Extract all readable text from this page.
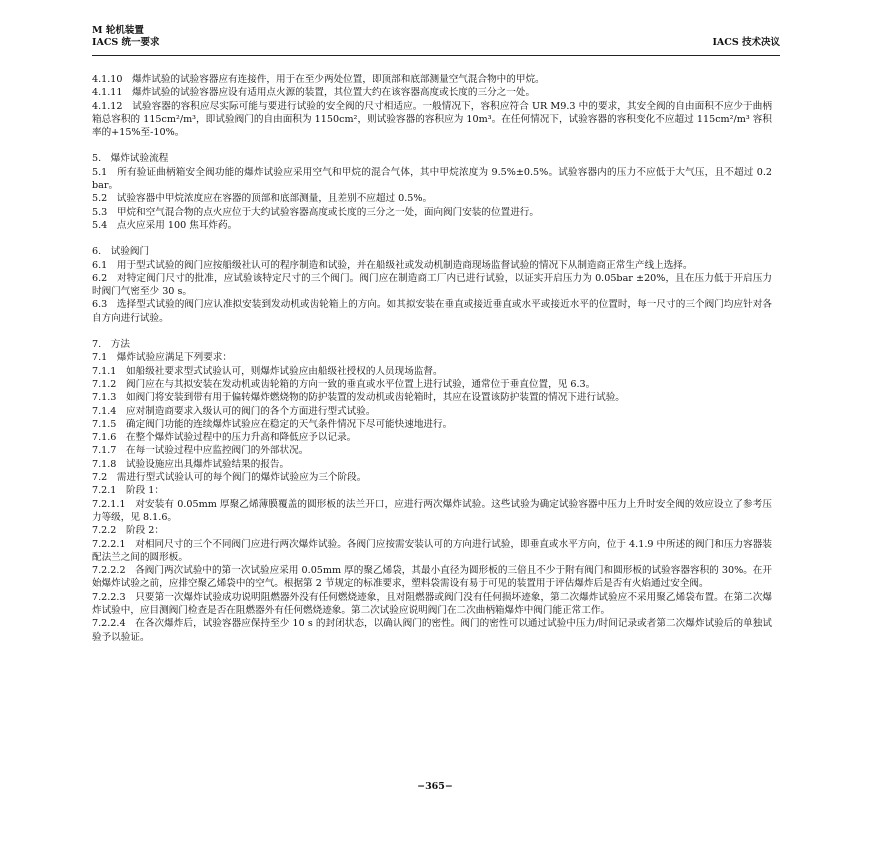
M 轮机装置
IACS 统一要求	IACS 技术决议

4.1.10　爆炸试验的试验容器应有连接件，用于在至少两处位置，即顶部和底部测量空气混合物中的甲烷。

4.1.11　爆炸试验的试验容器应设有适用点火源的装置，其位置大约在该容器高度或长度的三分之一处。

4.1.12　试验容器的容积应尽实际可能与要进行试验的安全阀的尺寸相适应。一般情况下，容积应符合 UR M9.3 中的要求，其安全阀的自由面积不应少于曲柄箱总容积的 115cm²/m³，即试验阀门的自由面积为 1150cm²，则试验容器的容积应为 10m³。在任何情况下，试验容器的容积变化不应超过 115cm²/m³ 容积率的+15%至-10%。

5.　爆炸试验流程

5.1　所有验证曲柄箱安全阀功能的爆炸试验应采用空气和甲烷的混合气体，其中甲烷浓度为 9.5%±0.5%。试验容器内的压力不应低于大气压，且不超过 0.2 bar。

5.2　试验容器中甲烷浓度应在容器的顶部和底部测量，且差别不应超过 0.5%。

5.3　甲烷和空气混合物的点火应位于大约试验容器高度或长度的三分之一处，面向阀门安装的位置进行。

5.4　点火应采用 100 焦耳炸药。

6.　试验阀门

6.1　用于型式试验的阀门应按船级社认可的程序制造和试验，并在船级社或发动机制造商现场监督试验的情况下从制造商正常生产线上选择。

6.2　对特定阀门尺寸的批准，应试验该特定尺寸的三个阀门。阀门应在制造商工厂内已进行试验，以证实开启压力为 0.05bar ±20%，且在压力低于开启压力时阀门气密至少 30 s。

6.3　选择型式试验的阀门应认准拟安装到发动机或齿轮箱上的方向。如其拟安装在垂直或接近垂直或水平或接近水平的位置时，每一尺寸的三个阀门均应针对各自方向进行试验。

7.　方法

7.1　爆炸试验应满足下列要求：

7.1.1　如船级社要求型式试验认可，则爆炸试验应由船级社授权的人员现场监督。

7.1.2　阀门应在与其拟安装在发动机或齿轮箱的方向一致的垂直或水平位置上进行试验，通常位于垂直位置，见 6.3。

7.1.3　如阀门将安装到带有用于偏转爆炸燃烧物的防护装置的发动机或齿轮箱时，其应在设置该防护装置的情况下进行试验。

7.1.4　应对制造商要求入级认可的阀门的各个方面进行型式试验。

7.1.5　确定阀门功能的连续爆炸试验应在稳定的天气条件情况下尽可能快速地进行。

7.1.6　在整个爆炸试验过程中的压力升高和降低应予以记录。

7.1.7　在每一试验过程中应监控阀门的外部状况。

7.1.8　试验设施应出具爆炸试验结果的报告。

7.2　需进行型式试验认可的每个阀门的爆炸试验应为三个阶段。

7.2.1　阶段 1：

7.2.1.1　对安装有 0.05mm 厚聚乙烯薄膜覆盖的圆形板的法兰开口，应进行两次爆炸试验。这些试验为确定试验容器中压力上升时安全阀的效应设立了参考压力等级，见 8.1.6。

7.2.2　阶段 2：

7.2.2.1　对相同尺寸的三个不同阀门应进行两次爆炸试验。各阀门应按需安装认可的方向进行试验，即垂直或水平方向，位于 4.1.9 中所述的阀门和压力容器装配法兰之间的圆形板。

7.2.2.2　各阀门两次试验中的第一次试验应采用 0.05mm 厚的聚乙烯袋，其最小直径为圆形板的三倍且不少于附有阀门和圆形板的试验容器容积的 30%。在开始爆炸试验之前，应排空聚乙烯袋中的空气。根据第 2 节规定的标准要求，塑料袋需设有易于可见的装置用于评估爆炸后是否有火焰通过安全阀。

7.2.2.3　只要第一次爆炸试验成功说明阻燃器外没有任何燃烧迹象，且对阻燃器或阀门没有任何损坏迹象，第二次爆炸试验应不采用聚乙烯袋布置。在第二次爆炸试验中，应目测阀门检查是否在阻燃器外有任何燃烧迹象。第二次试验应说明阀门在二次曲柄箱爆炸中阀门能正常工作。

7.2.2.4　在各次爆炸后，试验容器应保持至少 10 s 的封闭状态，以确认阀门的密性。阀门的密性可以通过试验中压力/时间记录或者第二次爆炸试验后的单独试验予以验证。

−365−
